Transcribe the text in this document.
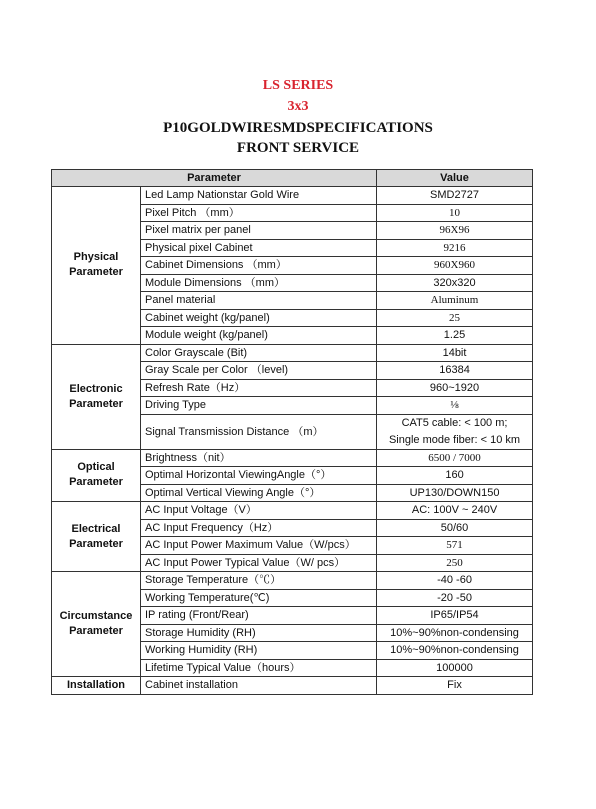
LS SERIES
3x3
P10GOLDWIRESMDSPECIFICATIONS
FRONT SERVICE
Parameter		Value
Physical Parameter	Led Lamp Nationstar Gold Wire	SMD2727
	Pixel Pitch （mm）	10
	Pixel matrix per panel	96X96
	Physical pixel Cabinet	9216
	Cabinet Dimensions （mm）	960X960
	Module Dimensions （mm）	320x320
	Panel material	Aluminum
	Cabinet weight (kg/panel)	25
	Module weight (kg/panel)	1.25
Electronic Parameter	Color Grayscale (Bit)	14bit
	Gray Scale per Color （level)	16384
	Refresh Rate（Hz）	960~1920
	Driving Type	⅛
	Signal Transmission Distance （m）	CAT5 cable: < 100 m;
Single mode fiber: < 10 km

Optical Parameter	Brightness（nit）	6500 / 7000
	Optimal Horizontal ViewingAngle（°）	160
	Optimal Vertical Viewing Angle（°）	UP130/DOWN150
Electrical Parameter	AC Input Voltage（V）	AC: 100V ~ 240V
	AC Input Frequency（Hz）	50/60
	AC Input Power Maximum Value（W/pcs）	571
	AC Input Power Typical Value（W/ pcs）	250
Circumstance Parameter	Storage Temperature（℃）	-40 -60
	Working Temperature(℃)	-20 -50
	IP rating (Front/Rear)	IP65/IP54
	Storage Humidity (RH)	10%~90%non-condensing
	Working Humidity (RH)	10%~90%non-condensing
	Lifetime Typical Value（hours）	100000
Installation	Cabinet installation	Fix
